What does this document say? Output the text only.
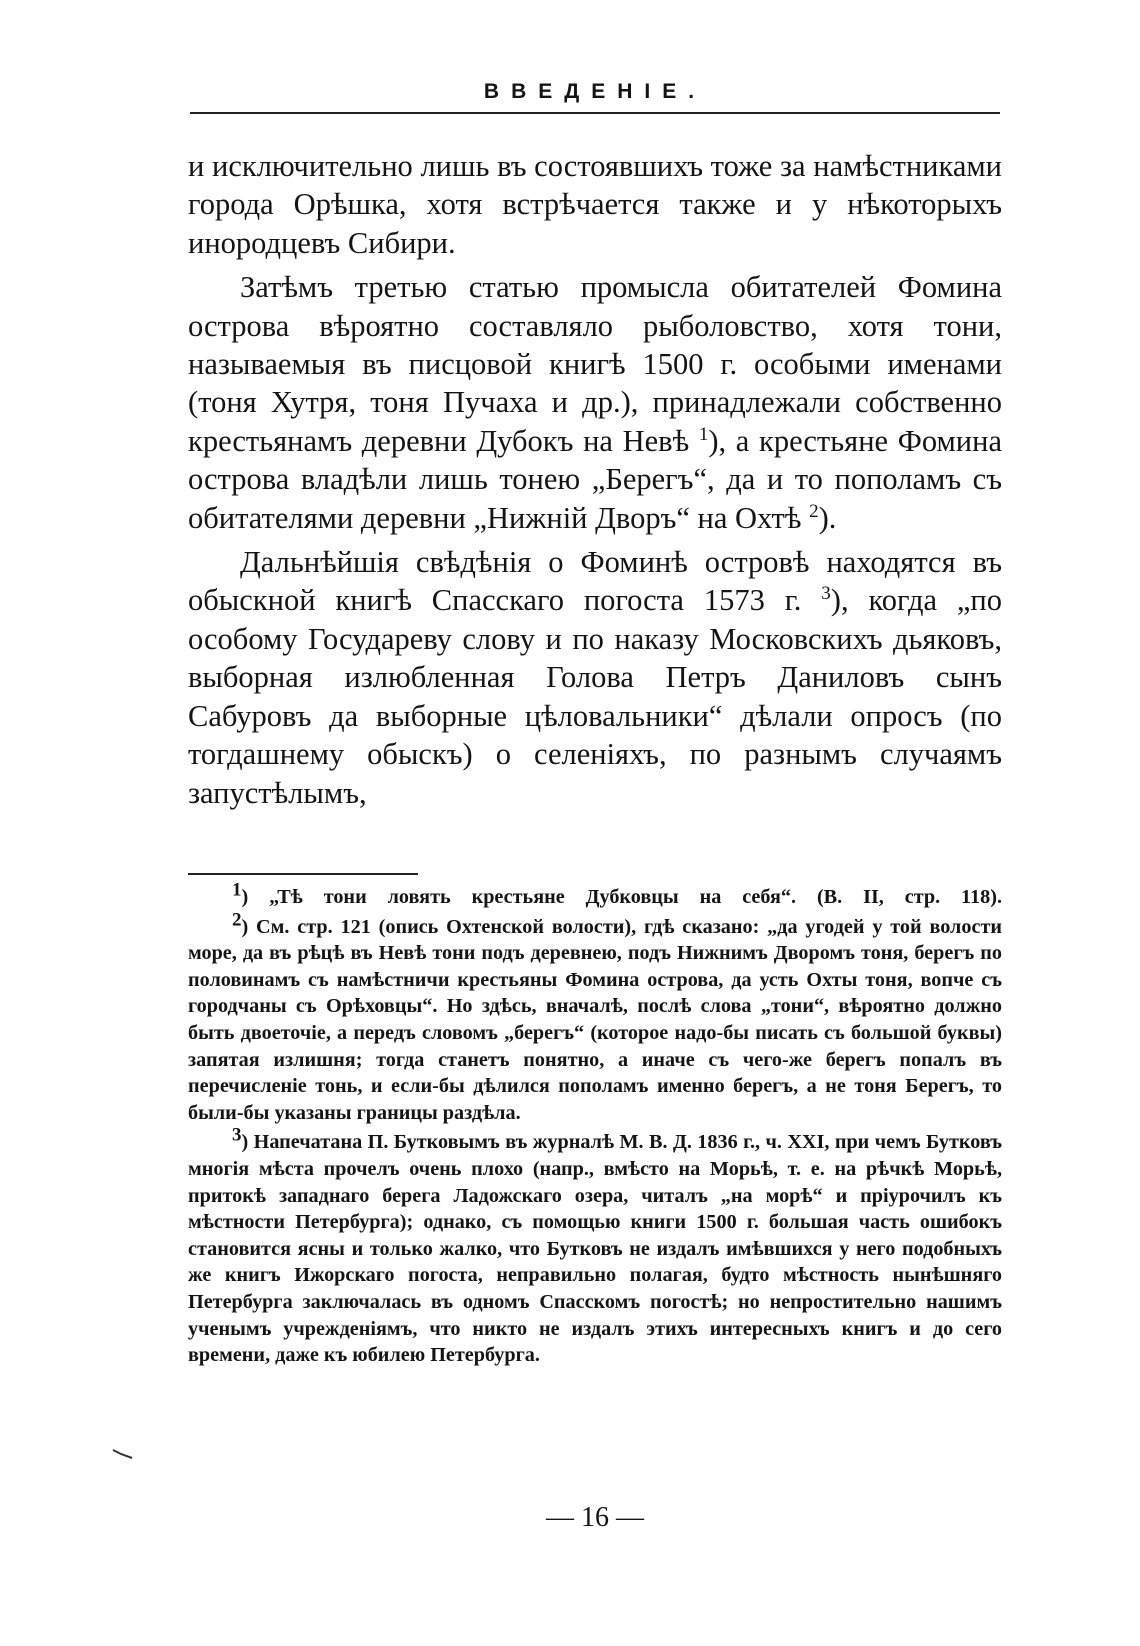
ВВЕДЕНІЕ.

и исключительно лишь въ состоявшихъ тоже за намѣстниками города Орѣшка, хотя встрѣчается также и у нѣкоторыхъ инородцевъ Сибири.

Затѣмъ третью статью промысла обитателей Фомина острова вѣроятно составляло рыболовство, хотя тони, называемыя въ писцовой книгѣ 1500 г. особыми именами (тоня Хутря, тоня Пучаха и др.), принадлежали собственно крестьянамъ деревни Дубокъ на Невѣ $^1$), а крестьяне Фомина острова владѣли лишь тонею „Берегъ“, да и то пополамъ съ обитателями деревни „Нижній Дворъ“ на Охтѣ $^2$).

Дальнѣйшія свѣдѣнія о Фоминѣ островѣ находятся въ обыскной книгѣ Спасскаго погоста 1573 г. $^3$), когда „по особому Государеву слову и по наказу Московскихъ дьяковъ, выборная излюбленная Голова Петръ Даниловъ сынъ Сабуровъ да выборные цѣловальники“ дѣлали опросъ (по тогдашнему обыскъ) о селеніяхъ, по разнымъ случаямъ запустѣлымъ,

$^1$) „Тѣ тони ловять крестьяне Дубковцы на себя“. (В. II, стр. 118).

$^2$) См. стр. 121 (опись Охтенской волости), гдѣ сказано: „да угодей у той волости море, да въ рѣцѣ въ Невѣ тони подъ деревнею, подъ Нижнимъ Дворомъ тоня, берегъ по половинамъ съ намѣстничи крестьяны Фомина острова, да усть Охты тоня, вопче съ городчаны съ Орѣховцы“. Но здѣсь, вначалѣ, послѣ слова „тони“, вѣроятно должно быть двоеточіе, а передъ словомъ „берегъ“ (которое надо-бы писать съ большой буквы) запятая излишня; тогда станетъ понятно, а иначе съ чего-же берегъ попалъ въ перечисленіе тонь, и если-бы дѣлился пополамъ именно берегъ, а не тоня Берегъ, то были-бы указаны границы раздѣла.

$^3$) Напечатана П. Бутковымъ въ журналѣ М. В. Д. 1836 г., ч. XXI, при чемъ Бутковъ многія мѣста прочелъ очень плохо (напр., вмѣсто на Морьѣ, т. е. на рѣчкѣ Морьѣ, притокѣ западнаго берега Ладожскаго озера, читалъ „на морѣ“ и пріурочилъ къ мѣстности Петербурга); однако, съ помощью книги 1500 г. большая часть ошибокъ становится ясны и только жалко, что Бутковъ не издалъ имѣвшихся у него подобныхъ же книгъ Ижорскаго погоста, неправильно полагая, будто мѣстность нынѣшняго Петербурга заключалась въ одномъ Спасскомъ погостѣ; но непростительно нашимъ ученымъ учрежденіямъ, что никто не издалъ этихъ интересныхъ книгъ и до сего времени, даже къ юбилею Петербурга.

— 16 —
